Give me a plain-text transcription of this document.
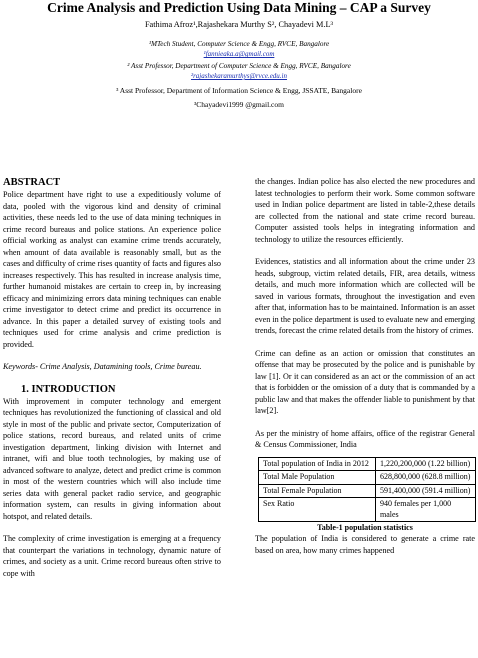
Crime Analysis and Prediction Using Data Mining – CAP a Survey
Fathima Afroz¹,Rajashekara Murthy S², Chayadevi M.L³
¹MTech Student, Computer Science & Engg, RVCE, Bangalore
¹fannieaka.a@gmail.com
² Asst Professor, Department of Computer Science & Engg, RVCE, Bangalore
²rajashekaramurthys@rvce.edu.in
³ Asst Professor, Department of Information Science & Engg, JSSATE, Bangalore
³Chayadevi1999 @gmail.com
ABSTRACT

Police department have right to use a expeditiously volume of data, pooled with the vigorous kind and density of criminal activities, these needs led to the use of data mining techniques in crime record bureaus and police stations. An experience police official working as analyst can examine crime trends accurately, when amount of data available is reasonably small, but as the cases and difficulty of crime rises quantity of facts and figures also increases respectively. This has resulted in increase analysis time, further humanoid mistakes are certain to creep in, by increasing efficacy and minimizing errors data mining techniques can enable crime investigator to detect crime and predict its occurrence in advance. In this paper a detailed survey of existing tools and techniques used for crime analysis and crime prediction is provided.

Keywords- Crime Analysis, Datamining tools, Crime bureau.

1. INTRODUCTION

With improvement in computer technology and emergent techniques has revolutionized the functioning of classical and old style in most of the public and private sector, Computerization of police stations, record bureaus, and related units of crime investigation department, linking division with Internet and intranet, wifi and blue tooth technologies, by making use of advanced software to analyze, detect and predict crime is common in most of the western countries which will also include time series data with general packet radio service, and geographic information system, can results in giving information about hotspot, and related details.

The complexity of crime investigation is emerging at a frequency that counterpart the variations in technology, dynamic nature of crimes, and society as a unit. Crime record bureaus often strive to cope with

the changes. Indian police has also elected the new procedures and latest technologies to perform their work. Some common software used in Indian police department are listed in table-2,these details are collected from the national and state crime record bureau. Computer assisted tools helps in integrating information and technology to utilize the resources efficiently.

Evidences, statistics and all information about the crime under 23 heads, subgroup, victim related details, FIR, area details, witness details, and much more information which are collected will be saved in various formats, throughout the investigation and even after that, information has to be maintained. Information is an asset even in the police department is used to evaluate new and emerging trends, forecast the crime related details from the history of crimes.

Crime can define as an action or omission that constitutes an offense that may be prosecuted by the police and is punishable by law [1]. Or it can considered as an act or the commission of an act that is forbidden or the omission of a duty that is commanded by a public law and that makes the offender liable to punishment by that law[2].

As per the ministry of home affairs, office of the registrar General & Census Commissioner, India

Total population of India in 2012	1,220,200,000 (1.22 billion)
Total Male Population	628,800,000 (628.8 million)
Total Female Population	591,400,000 (591.4 million)
Sex Ratio	940 females per 1,000 males
Table-1 population statistics

The population of India is considered to generate a crime rate based on area, how many crimes happened
